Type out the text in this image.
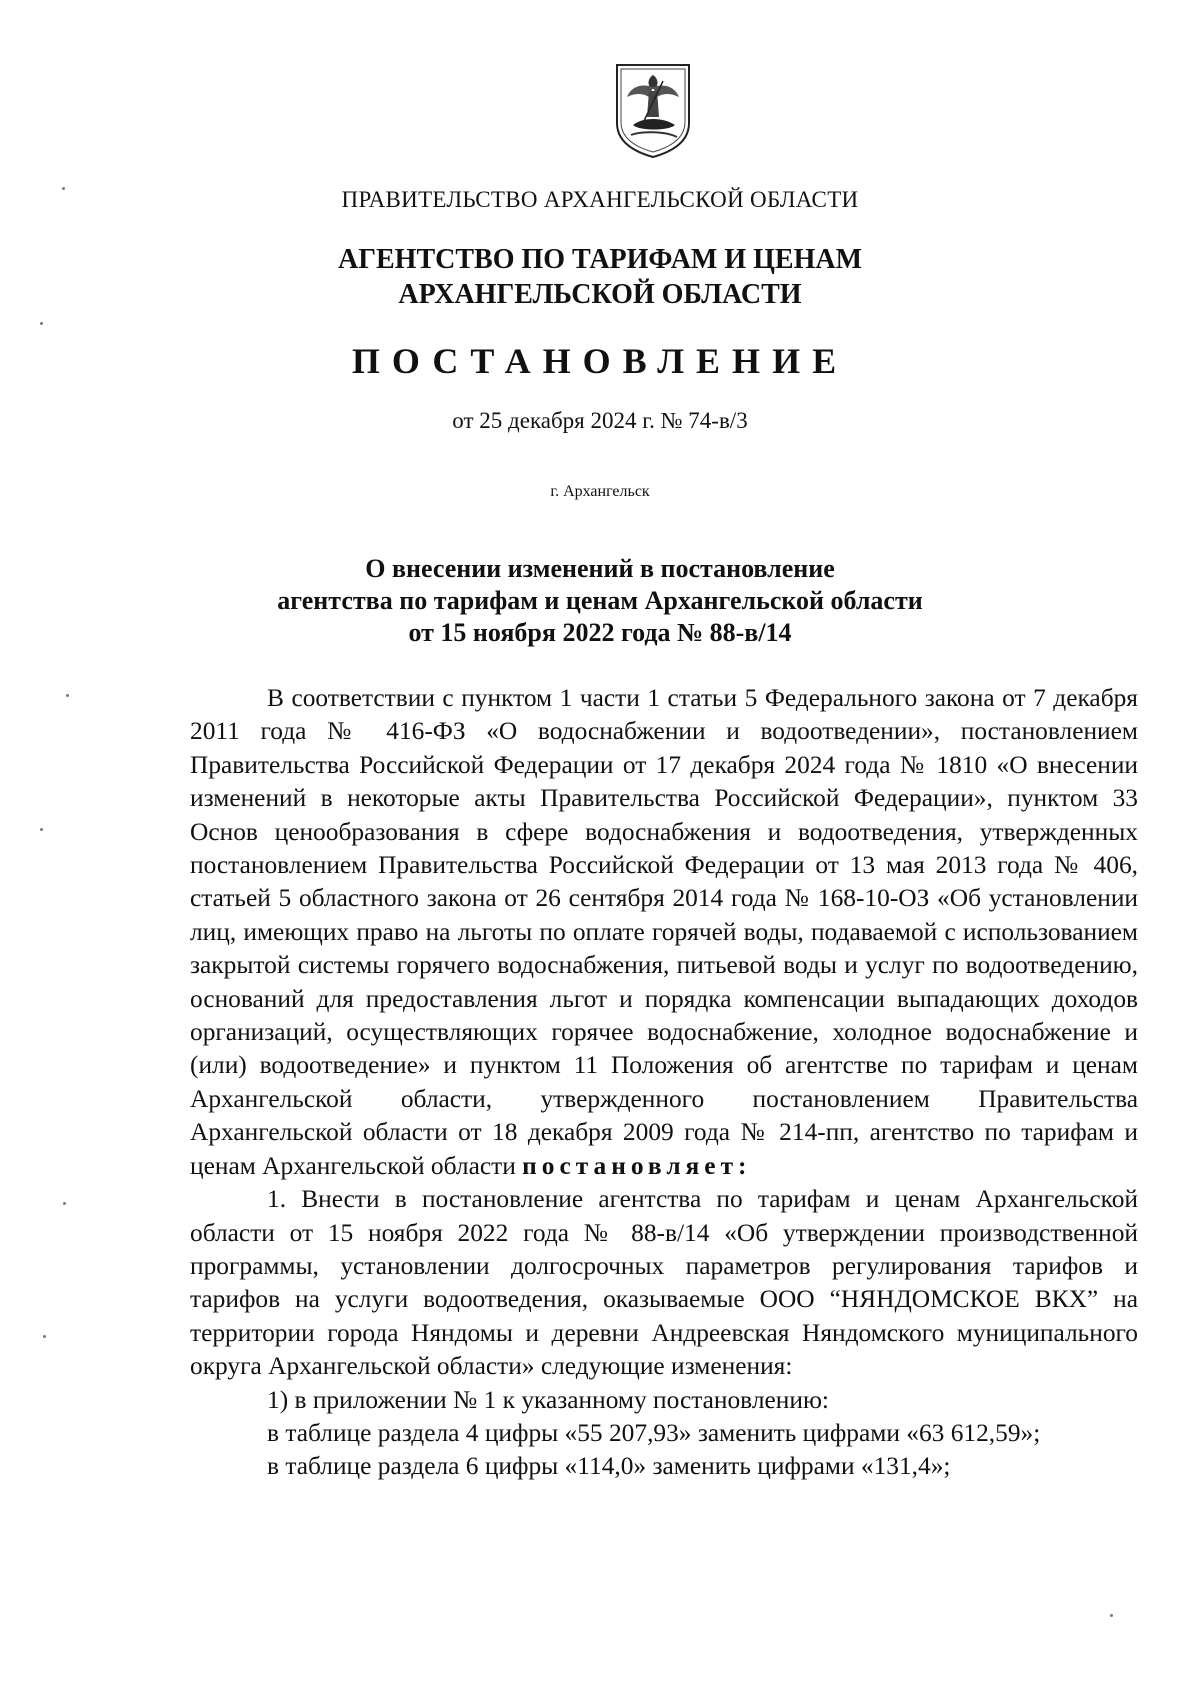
ПРАВИТЕЛЬСТВО АРХАНГЕЛЬСКОЙ ОБЛАСТИ
АГЕНТСТВО ПО ТАРИФАМ И ЦЕНАМ
АРХАНГЕЛЬСКОЙ ОБЛАСТИ
ПОСТАНОВЛЕНИЕ
от 25 декабря 2024 г. № 74-в/3
г. Архангельск
О внесении изменений в постановление
агентства по тарифам и ценам Архангельской области
от 15 ноября 2022 года № 88-в/14

В соответствии с пунктом 1 части 1 статьи 5 Федерального закона от 7 декабря 2011 года № 416-ФЗ «О водоснабжении и водоотведении», постановлением Правительства Российской Федерации от 17 декабря 2024 года № 1810 «О внесении изменений в некоторые акты Правительства Российской Федерации», пунктом 33 Основ ценообразования в сфере водоснабжения и водоотведения, утвержденных постановлением Правительства Российской Федерации от 13 мая 2013 года № 406, статьей 5 областного закона от 26 сентября 2014 года № 168-10-ОЗ «Об установлении лиц, имеющих право на льготы по оплате горячей воды, подаваемой с использованием закрытой системы горячего водоснабжения, питьевой воды и услуг по водоотведению, оснований для предоставления льгот и порядка компенсации выпадающих доходов организаций, осуществляющих горячее водоснабжение, холодное водоснабжение и (или) водоотведение» и пунктом 11 Положения об агентстве по тарифам и ценам Архангельской области, утвержденного постановлением Правительства Архангельской области от 18 декабря 2009 года № 214-пп, агентство по тарифам и ценам Архангельской области постановляет:

1. Внести в постановление агентства по тарифам и ценам Архангельской области от 15 ноября 2022 года № 88-в/14 «Об утверждении производственной программы, установлении долгосрочных параметров регулирования тарифов и тарифов на услуги водоотведения, оказываемые ООО “НЯНДОМСКОЕ ВКХ” на территории города Няндомы и деревни Андреевская Няндомского муниципального округа Архангельской области» следующие изменения:

1) в приложении № 1 к указанному постановлению:

в таблице раздела 4 цифры «55 207,93» заменить цифрами «63 612,59»;

в таблице раздела 6 цифры «114,0» заменить цифрами «131,4»;
